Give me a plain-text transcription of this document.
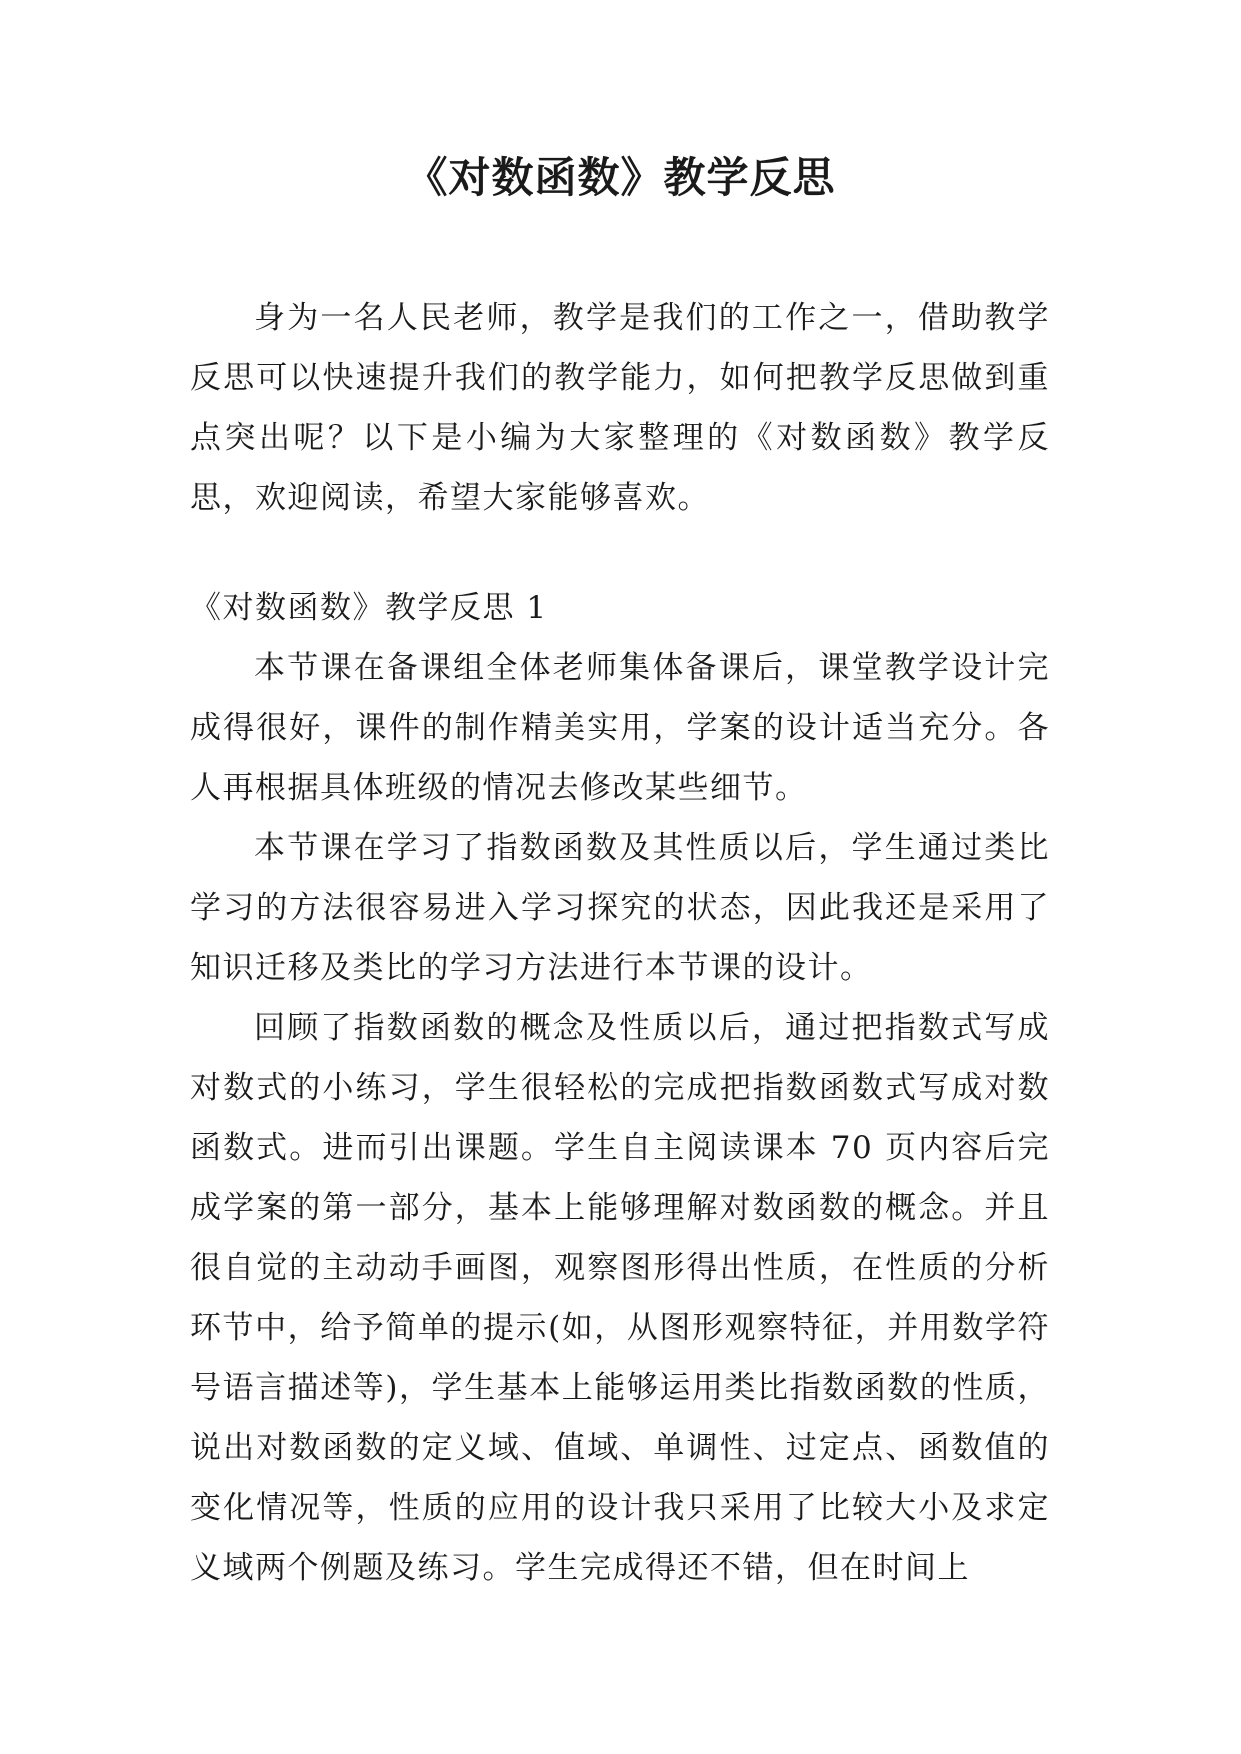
《对数函数》教学反思

身为一名人民老师，教学是我们的工作之一，借助教学反思可以快速提升我们的教学能力，如何把教学反思做到重点突出呢？以下是小编为大家整理的《对数函数》教学反思，欢迎阅读，希望大家能够喜欢。

《对数函数》教学反思 1

本节课在备课组全体老师集体备课后，课堂教学设计完成得很好，课件的制作精美实用，学案的设计适当充分。各人再根据具体班级的情况去修改某些细节。

本节课在学习了指数函数及其性质以后，学生通过类比学习的方法很容易进入学习探究的状态，因此我还是采用了知识迁移及类比的学习方法进行本节课的设计。

回顾了指数函数的概念及性质以后，通过把指数式写成对数式的小练习，学生很轻松的完成把指数函数式写成对数函数式。进而引出课题。学生自主阅读课本 70 页内容后完成学案的第一部分，基本上能够理解对数函数的概念。并且很自觉的主动动手画图，观察图形得出性质，在性质的分析环节中，给予简单的提示(如，从图形观察特征，并用数学符号语言描述等)，学生基本上能够运用类比指数函数的性质，说出对数函数的定义域、值域、单调性、过定点、函数值的变化情况等，性质的应用的设计我只采用了比较大小及求定义域两个例题及练习。学生完成得还不错，但在时间上
